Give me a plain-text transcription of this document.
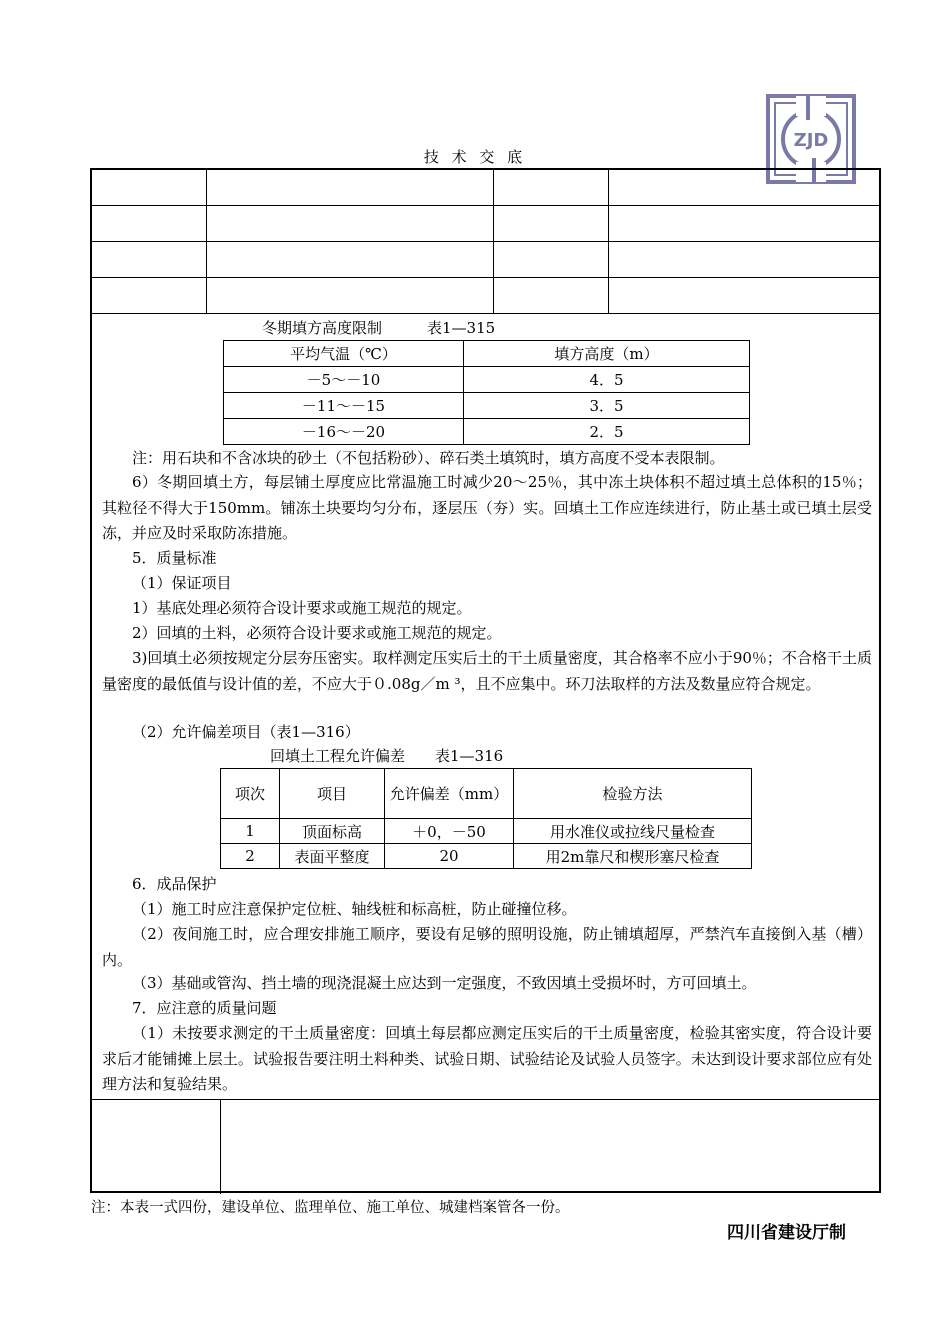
ZJD
技 术 交 底

冬期填方高度限制　　　表1—315
平均气温（℃）	填方高度（m）
－5～－10	4．5
－11～－15	3．5
－16～－20	2．5
注：用石块和不含冰块的砂土（不包括粉砂）、碎石类土填筑时，填方高度不受本表限制。
6）冬期回填土方，每层铺土厚度应比常温施工时减少20～25％，其中冻土块体积不超过填土总体积的15％；其粒径不得大于150mm。铺冻土块要均匀分布，逐层压（夯）实。回填土工作应连续进行，防止基土或已填土层受冻，并应及时采取防冻措施。
5．质量标准
（1）保证项目
1）基底处理必须符合设计要求或施工规范的规定。
2）回填的土料，必须符合设计要求或施工规范的规定。
3)回填土必须按规定分层夯压密实。取样测定压实后土的干土质量密度，其合格率不应小于90％；不合格干土质量密度的最低值与设计值的差，不应大于０.08g／m ³，且不应集中。环刀法取样的方法及数量应符合规定。
（2）允许偏差项目（表1—316）
回填土工程允许偏差　　表1—316
项次	项目	允许偏差（mm）	检验方法
1	顶面标高	＋0，－50	用水准仪或拉线尺量检查
2	表面平整度	20	用2m靠尺和楔形塞尺检查
6．成品保护
（1）施工时应注意保护定位桩、轴线桩和标高桩，防止碰撞位移。
（2）夜间施工时，应合理安排施工顺序，要设有足够的照明设施，防止铺填超厚，严禁汽车直接倒入基（槽）内。
（3）基础或管沟、挡土墙的现浇混凝土应达到一定强度，不致因填土受损坏时，方可回填土。
7．应注意的质量问题
（1）未按要求测定的干土质量密度：回填土每层都应测定压实后的干土质量密度，检验其密实度，符合设计要求后才能铺摊上层土。试验报告要注明土料种类、试验日期、试验结论及试验人员签字。未达到设计要求部位应有处理方法和复验结果。
注：本表一式四份，建设单位、监理单位、施工单位、城建档案管各一份。
四川省建设厅制
